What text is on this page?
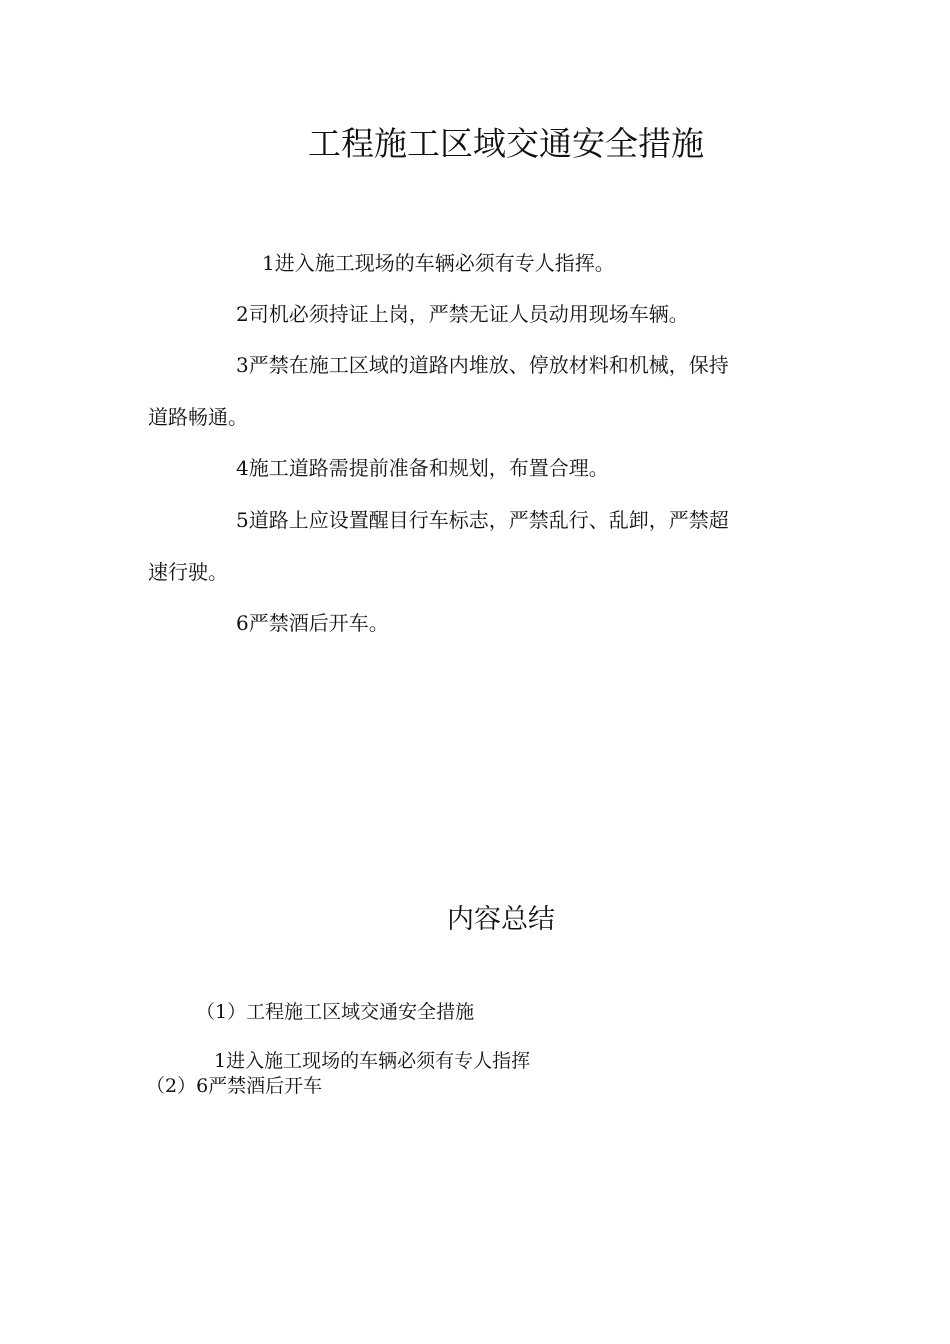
工程施工区域交通安全措施
1进入施工现场的车辆必须有专人指挥。
2司机必须持证上岗，严禁无证人员动用现场车辆。
3严禁在施工区域的道路内堆放、停放材料和机械，保持
道路畅通。
4施工道路需提前准备和规划，布置合理。
5道路上应设置醒目行车标志，严禁乱行、乱卸，严禁超
速行驶。
6严禁酒后开车。
内容总结
（1）工程施工区域交通安全措施
1进入施工现场的车辆必须有专人指挥
（2）6严禁酒后开车
